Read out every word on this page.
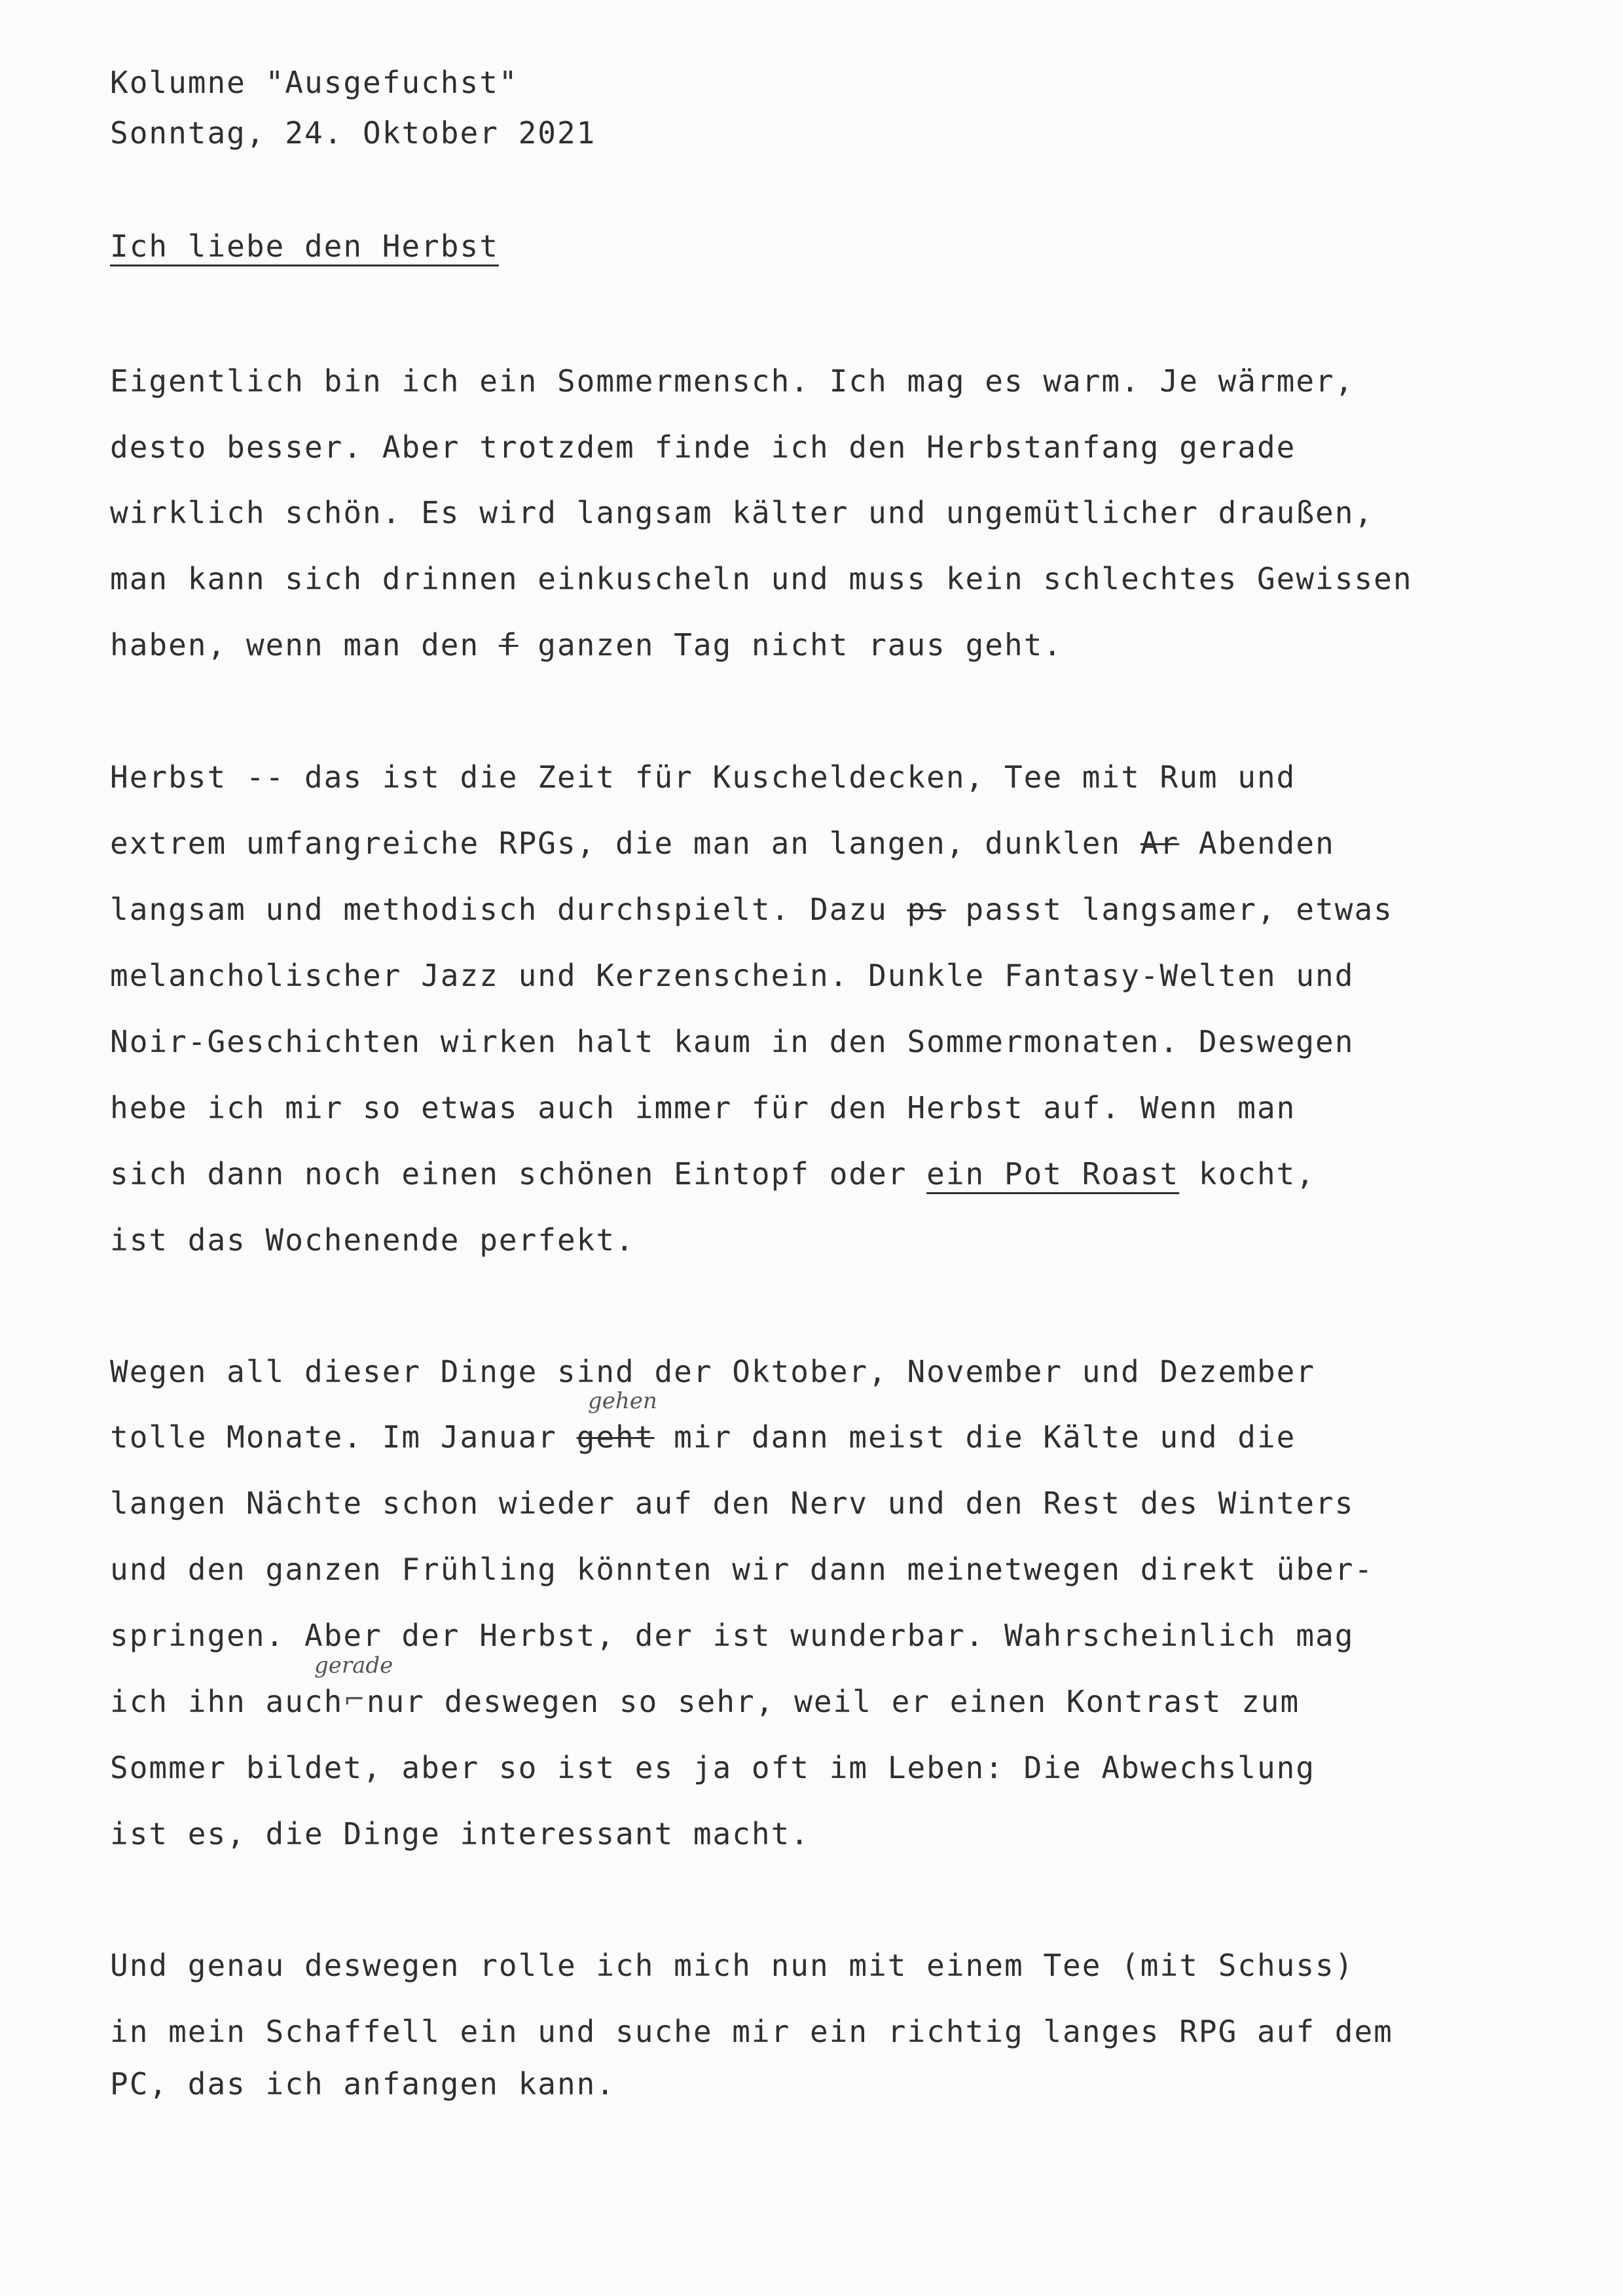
Kolumne "Ausgefuchst"
Sonntag, 24. Oktober 2021
Ich liebe den Herbst
Eigentlich bin ich ein Sommermensch. Ich mag es warm. Je wärmer,
desto besser. Aber trotzdem finde ich den Herbstanfang gerade
wirklich schön. Es wird langsam kälter und ungemütlicher draußen,
man kann sich drinnen einkuscheln und muss kein schlechtes Gewissen
haben, wenn man den f ganzen Tag nicht raus geht.
Herbst -- das ist die Zeit für Kuscheldecken, Tee mit Rum und
extrem umfangreiche RPGs, die man an langen, dunklen Ar Abenden
langsam und methodisch durchspielt. Dazu ps passt langsamer, etwas
melancholischer Jazz und Kerzenschein. Dunkle Fantasy-Welten und
Noir-Geschichten wirken halt kaum in den Sommermonaten. Deswegen
hebe ich mir so etwas auch immer für den Herbst auf. Wenn man
sich dann noch einen schönen Eintopf oder ein Pot Roast kocht,
ist das Wochenende perfekt.
Wegen all dieser Dinge sind der Oktober, November und Dezember
tolle Monate. Im Januar geht mir dann meist die Kälte und die
gehen
langen Nächte schon wieder auf den Nerv und den Rest des Winters
und den ganzen Frühling könnten wir dann meinetwegen direkt über-
springen. Aber der Herbst, der ist wunderbar. Wahrscheinlich mag
ich ihn auch⌐nur deswegen so sehr, weil er einen Kontrast zum
gerade
Sommer bildet, aber so ist es ja oft im Leben: Die Abwechslung
ist es, die Dinge interessant macht.
Und genau deswegen rolle ich mich nun mit einem Tee (mit Schuss)
in mein Schaffell ein und suche mir ein richtig langes RPG auf dem
PC, das ich anfangen kann.
